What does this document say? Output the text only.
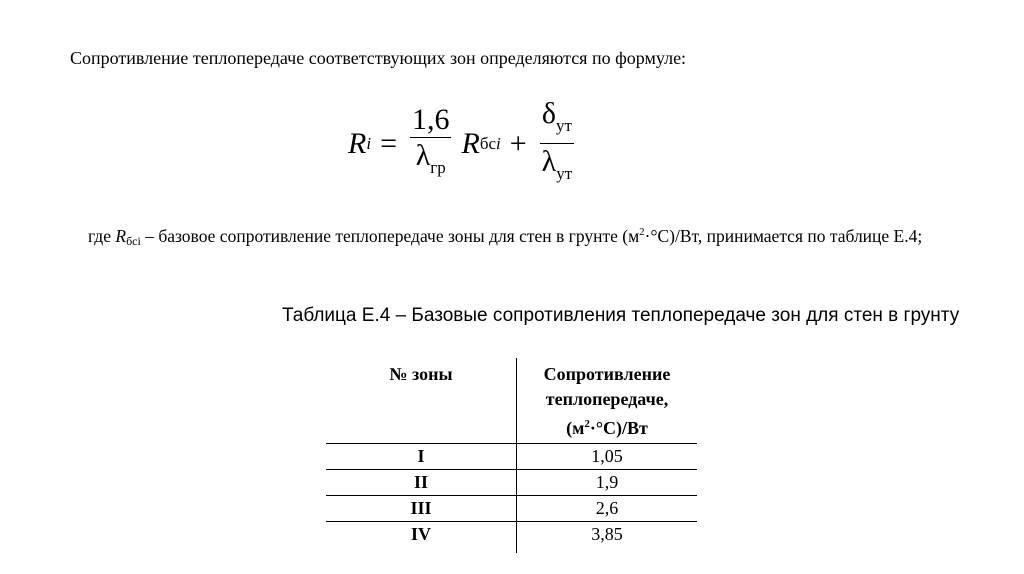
Сопротивление теплопередаче соответствующих зон определяются по формуле:
R $i = \frac{1,6}{\lambda_{гр}}$ R бсi + $\frac{\delta_{ут}}{\lambda_{ут}}$
где Rбсі – базовое сопротивление теплопередаче зоны для стен в грунте $(м^2\cdot^\circ С)/Вт$, принимается по таблице Е.4;
Таблица Е.4 – Базовые сопротивления теплопередаче зон для стен в грунту
№ зоны	Сопротивление
теплопередаче,
$(м^2\cdot^\circ С)/Вт$

I	1,05
II	1,9
III	2,6
IV	3,85
